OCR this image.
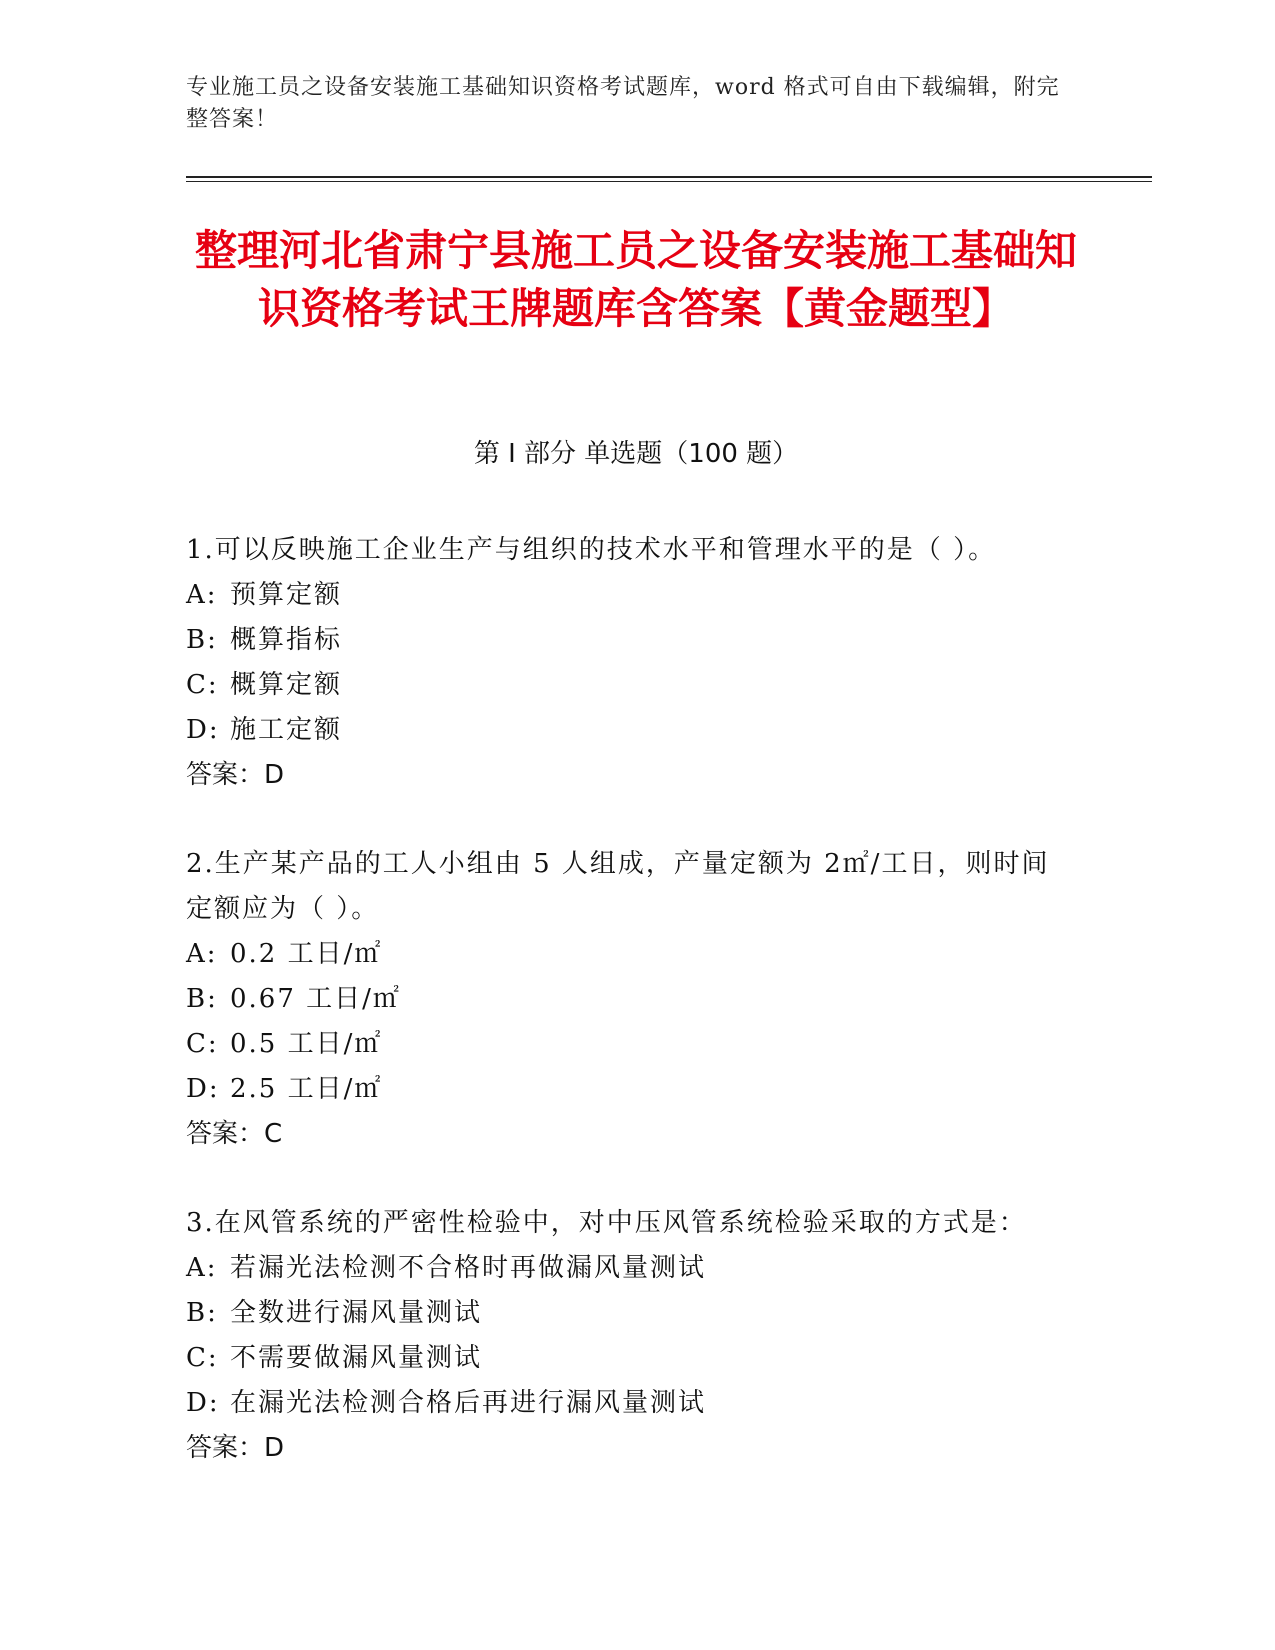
专业施工员之设备安装施工基础知识资格考试题库，word 格式可自由下载编辑，附完整答案！
整理河北省肃宁县施工员之设备安装施工基础知识资格考试王牌题库含答案【黄金题型】
第 I 部分 单选题（100 题）

1.可以反映施工企业生产与组织的技术水平和管理水平的是（ ）。

A: 预算定额

B: 概算指标

C: 概算定额

D: 施工定额

答案：D

2.生产某产品的工人小组由 5 人组成，产量定额为 2㎡/工日，则时间定额应为（ ）。

A: 0.2 工日/㎡

B: 0.67 工日/㎡

C: 0.5 工日/㎡

D: 2.5 工日/㎡

答案：C

3.在风管系统的严密性检验中，对中压风管系统检验采取的方式是：

A: 若漏光法检测不合格时再做漏风量测试

B: 全数进行漏风量测试

C: 不需要做漏风量测试

D: 在漏光法检测合格后再进行漏风量测试

答案：D
